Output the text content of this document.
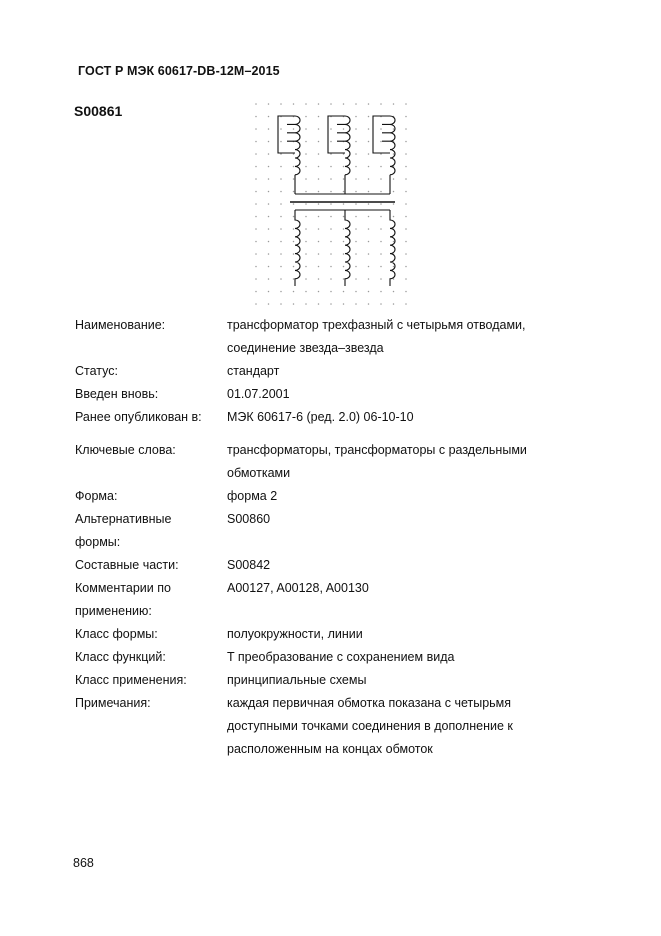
ГОСТ Р МЭК 60617-DB-12M–2015
S00861
Наименование:	трансформатор трехфазный с четырьмя отводами,
соединение звезда–звезда
Статус:	стандарт
Введен вновь:	01.07.2001
Ранее опубликован в:	МЭК 60617-6 (ред. 2.0) 06-10-10
Ключевые слова:	трансформаторы, трансформаторы с раздельными
обмотками
Форма:	форма 2
Альтернативные
формы:
S00860
Составные части:	S00842
Комментарии по
применению:
A00127, A00128, A00130
Класс формы:	полуокружности, линии
Класс функций:	T преобразование с сохранением вида
Класс применения:	принципиальные схемы
Примечания:	каждая первичная обмотка показана с четырьмя
доступными точками соединения в дополнение к
расположенным на концах обмоток
868
